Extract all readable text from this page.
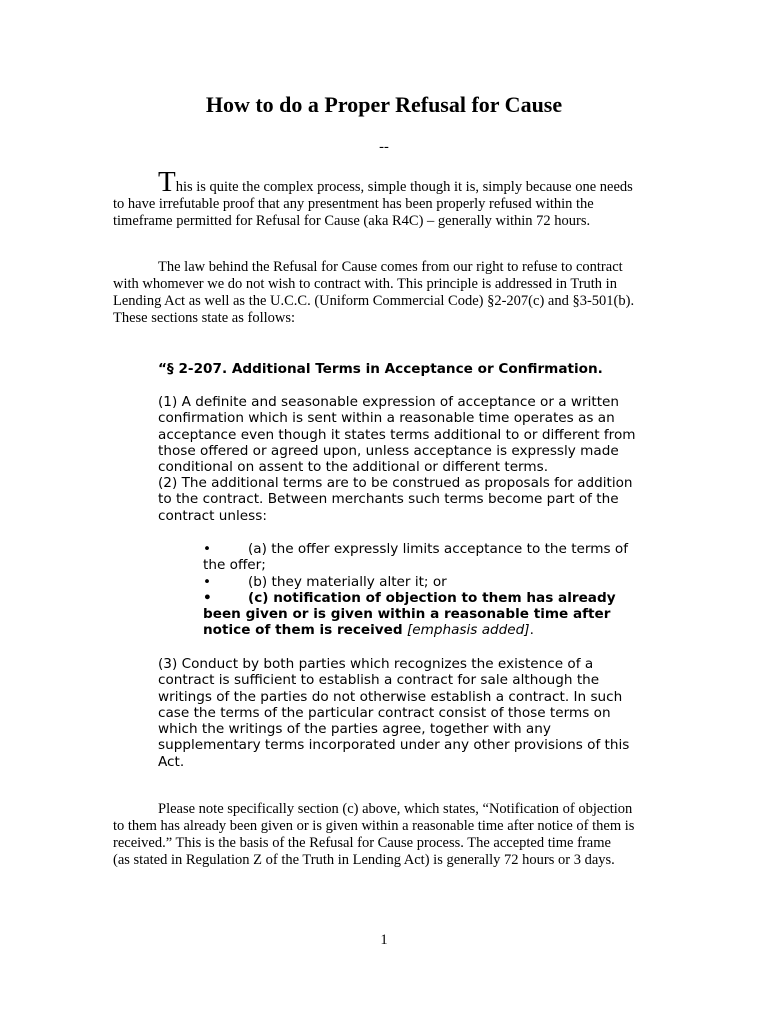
How to do a Proper Refusal for Cause
--
This is quite the complex process, simple though it is, simply because one needs
to have irrefutable proof that any presentment has been properly refused within the
timeframe permitted for Refusal for Cause (aka R4C) – generally within 72 hours.
The law behind the Refusal for Cause comes from our right to refuse to contract
with whomever we do not wish to contract with. This principle is addressed in Truth in
Lending Act as well as the U.C.C. (Uniform Commercial Code) §2-207(c) and §3-501(b).
These sections state as follows:
“§ 2-207. Additional Terms in Acceptance or Confirmation.
(1) A definite and seasonable expression of acceptance or a written
confirmation which is sent within a reasonable time operates as an
acceptance even though it states terms additional to or different from
those offered or agreed upon, unless acceptance is expressly made
conditional on assent to the additional or different terms.
(2) The additional terms are to be construed as proposals for addition
to the contract. Between merchants such terms become part of the
contract unless:
•	(a) the offer expressly limits acceptance to the terms of
the offer;
•	(b) they materially alter it; or
•	(c) notification of objection to them has already
been given or is given within a reasonable time after
notice of them is received [emphasis added].
(3) Conduct by both parties which recognizes the existence of a
contract is sufficient to establish a contract for sale although the
writings of the parties do not otherwise establish a contract. In such
case the terms of the particular contract consist of those terms on
which the writings of the parties agree, together with any
supplementary terms incorporated under any other provisions of this
Act.
Please note specifically section (c) above, which states, “Notification of objection
to them has already been given or is given within a reasonable time after notice of them is
received.” This is the basis of the Refusal for Cause process. The accepted time frame
(as stated in Regulation Z of the Truth in Lending Act) is generally 72 hours or 3 days.
1
